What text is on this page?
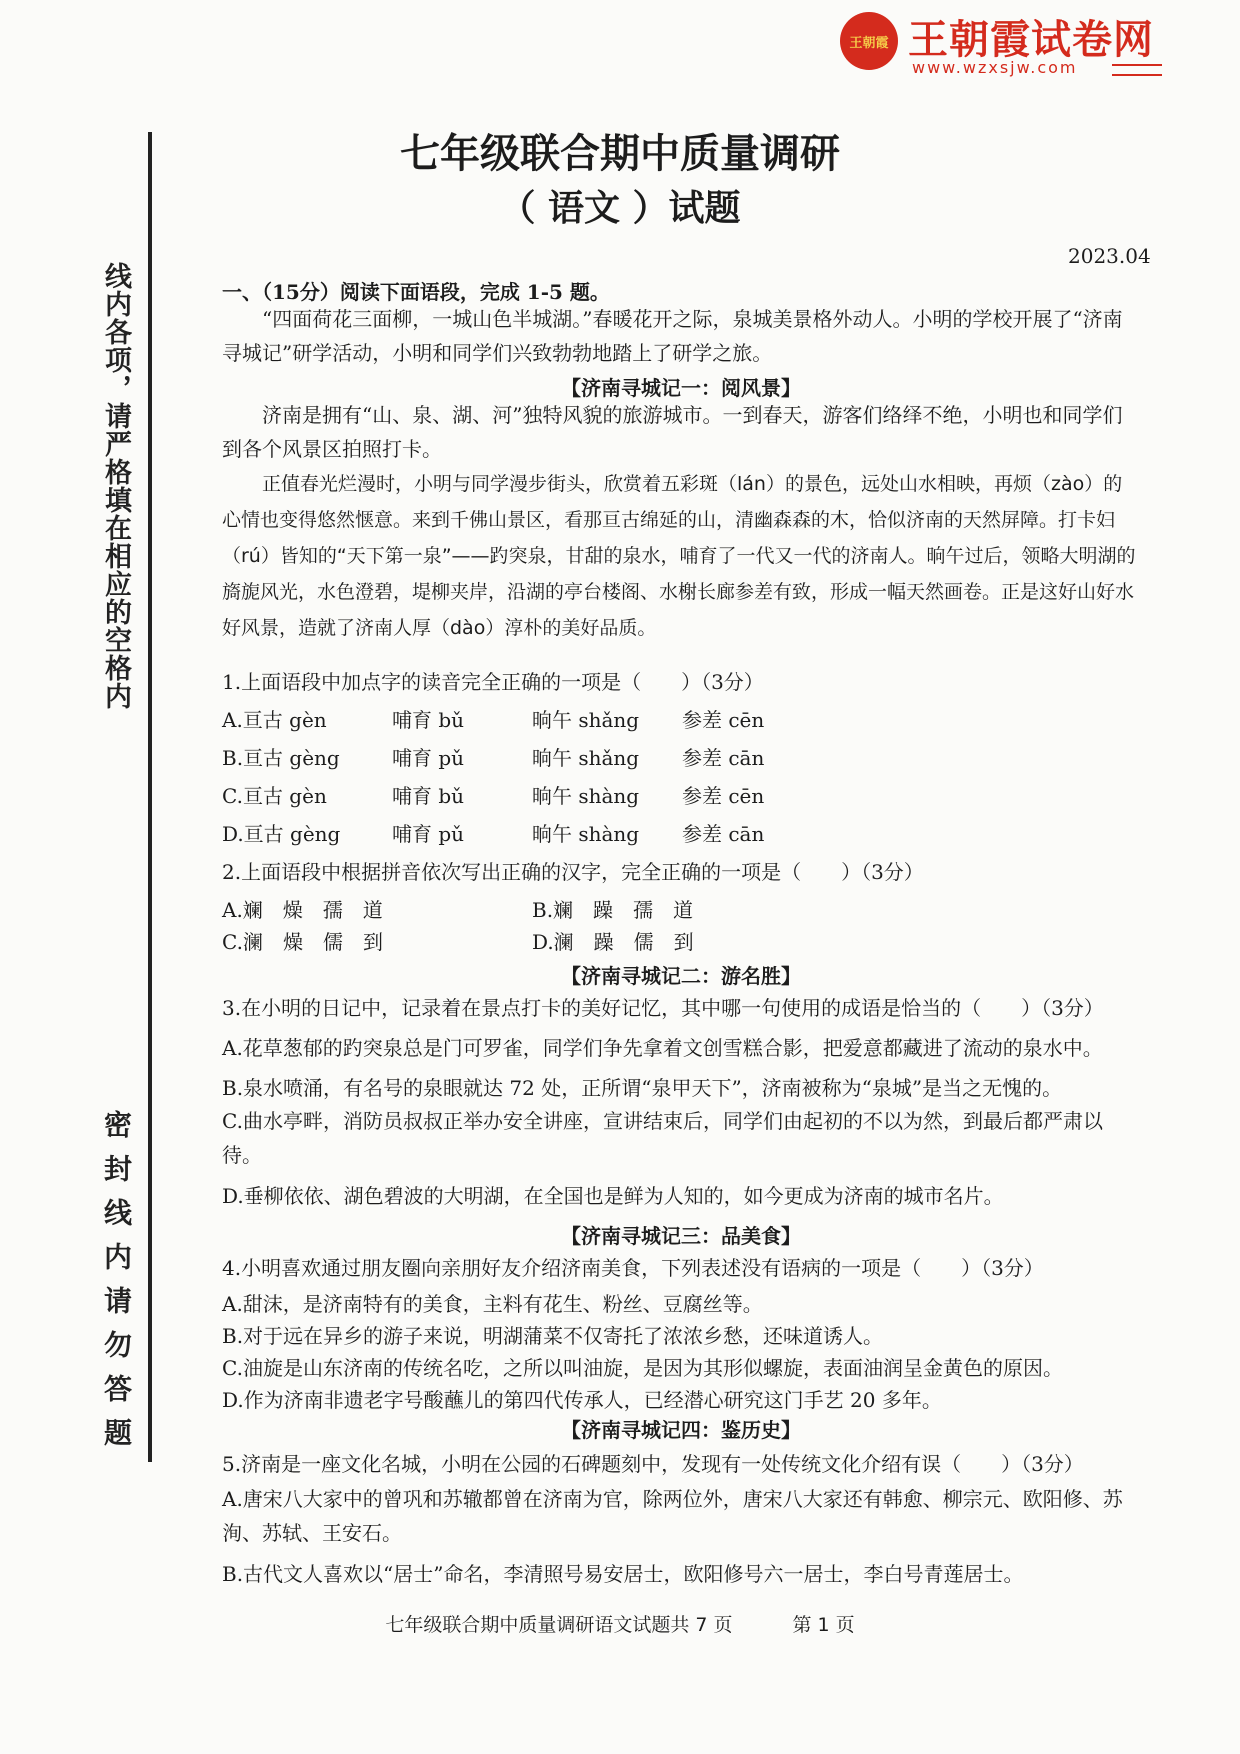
王朝霞 王朝霞试卷网
www.wzxsjw.com
线内各项，请严格填在相应的空格内
密封线内请勿答题
七年级联合期中质量调研
（ 语文 ）试题
2023.04
一、（15分）阅读下面语段，完成 1-5 题。
“四面荷花三面柳，一城山色半城湖。”春暖花开之际，泉城美景格外动人。小明的学校开展了“济南寻城记”研学活动，小明和同学们兴致勃勃地踏上了研学之旅。
【济南寻城记一：阅风景】
济南是拥有“山、泉、湖、河”独特风貌的旅游城市。一到春天，游客们络绎不绝，小明也和同学们到各个风景区拍照打卡。
正值春光烂漫时，小明与同学漫步街头，欣赏着五彩斑（lán）的景色，远处山水相映，再烦（zào）的心情也变得悠然惬意。来到千佛山景区，看那亘古绵延的山，清幽森森的木，恰似济南的天然屏障。打卡妇（rú）皆知的“天下第一泉”——趵突泉，甘甜的泉水，哺育了一代又一代的济南人。晌午过后，领略大明湖的旖旎风光，水色澄碧，堤柳夹岸，沿湖的亭台楼阁、水榭长廊参差有致，形成一幅天然画卷。正是这好山好水好风景，造就了济南人厚（dào）淳朴的美好品质。
1.上面语段中加点字的读音完全正确的一项是（　　）（3分）
A.亘古 gèn	哺育 bǔ	晌午 shǎng 参差 cēn
B.亘古 gèng	哺育 pǔ	晌午 shǎng 参差 cān
C.亘古 gèn	哺育 bǔ	晌午 shàng 参差 cēn
D.亘古 gèng	哺育 pǔ	晌午 shàng 参差 cān
2.上面语段中根据拼音依次写出正确的汉字，完全正确的一项是（　　）（3分）
A.斓　燥　孺　道	B.斓　躁　孺　道
C.澜　燥　儒　到	D.澜　躁　儒　到
【济南寻城记二：游名胜】
3.在小明的日记中，记录着在景点打卡的美好记忆，其中哪一句使用的成语是恰当的（　　）（3分）
A.花草葱郁的趵突泉总是门可罗雀，同学们争先拿着文创雪糕合影，把爱意都藏进了流动的泉水中。
B.泉水喷涌，有名号的泉眼就达 72 处，正所谓“泉甲天下”，济南被称为“泉城”是当之无愧的。
C.曲水亭畔，消防员叔叔正举办安全讲座，宣讲结束后，同学们由起初的不以为然，到最后都严肃以待。
D.垂柳依依、湖色碧波的大明湖，在全国也是鲜为人知的，如今更成为济南的城市名片。
【济南寻城记三：品美食】
4.小明喜欢通过朋友圈向亲朋好友介绍济南美食，下列表述没有语病的一项是（　　）（3分）
A.甜沫，是济南特有的美食，主料有花生、粉丝、豆腐丝等。
B.对于远在异乡的游子来说，明湖蒲菜不仅寄托了浓浓乡愁，还味道诱人。
C.油旋是山东济南的传统名吃，之所以叫油旋，是因为其形似螺旋，表面油润呈金黄色的原因。
D.作为济南非遗老字号酸蘸儿的第四代传承人，已经潜心研究这门手艺 20 多年。
【济南寻城记四：鉴历史】
5.济南是一座文化名城，小明在公园的石碑题刻中，发现有一处传统文化介绍有误（　　）（3分）
A.唐宋八大家中的曾巩和苏辙都曾在济南为官，除两位外，唐宋八大家还有韩愈、柳宗元、欧阳修、苏洵、苏轼、王安石。
B.古代文人喜欢以“居士”命名，李清照号易安居士，欧阳修号六一居士，李白号青莲居士。
七年级联合期中质量调研语文试题共 7 页	第 1 页
